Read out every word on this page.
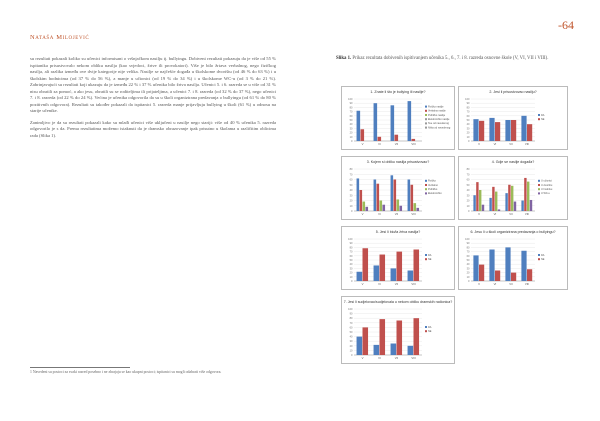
-64
Nataša Milojević

su rezultati pokazali koliko su učenici informisani o vršnjačkom nasilju tj. bullyingu. Dobiveni rezultati pokazuju da je više od 55 % ispitanika prisustvovalo nekom obliku nasilja (kao svjedoci, žrtve ili provokatori). Više je bilo žrtava verbalnog, nego fizičkog nasilja, ali razlika između ove dvije kategorije nije velika. Nasilje se najčešće događa u školskome dvorištu (od 46 % do 63 %) i u školskim hodnicima (od 37 % do 56 %), a manje u učionici (od 19 % do 34 %) i u školskome WC-u (od 3 % do 21 %). Zabrinjavajući su rezultati koji ukazuju da je između 22 % i 37 % učenika bilo žrtva nasilja. Učenici 5. i 6. razreda se u više od 31 % nisu obratili za pomoć, a ako jesu, obratili su se roditeljima ili prijateljima, a učenici 7. i 8. razreda (od 32 % do 37 %), nego učenici 7. i 8. razreda (od 22 % do 24 %). Većina je učenika odgovorila da su u školi organizirana predavanja o bullyingu (od 61 % do 80 % pozitivnih odgovora). Rezultati su također pokazali da ispitanici 5. razreda manje prijavljuju bullying u školi (61 %) u odnosu na starije učenike.

Zanimljivo je da su rezultati pokazali kako su mlađi učenici više uključeni u nasilje nego stariji: više od 40 % učenika 5. razreda odgovorilo je s da. Prema rezultatima možemo istaknuti da je dramsko obrazovanje ipak prisutno u školama u različitim oblicima rada (Slika 1).

1 Navedeni su postoci za svaki razred posebno i ne zbrajaju se kao ukupni postoci; ispitanici su mogli odabrati više odgovora.
Slika 1. Prikaz rezultata dobivenih ispitivanjem učenika 5., 6., 7. i 8. razreda osnovne škole (V, VI, VII i VIII).
1. Znate li što je bullying ili nasilje?
0
10
20
30
40
50
60
70
80
90
100
V	VI	VII	VIII
Fizičko nasilje
Verbalno nasilje
Psihičko nasilje
Elektroničko nasilje
Sve od navedenog
Ništa od navedenog
2. Jesi li prisustvovao nasilju?
0
10
20
30
40
50
60
70
80
90
100
V	VI	VII	VIII
DA
NE
3. Kojem si obliku nasilja prisustvovao?
0
10
20
30
40
50
60
70
80
V	VI	VII	VIII
Fizičko
Verbalno
Psihičko
Elektroničko
4. Gdje se nasilje događa?
0
10
20
30
40
50
60
70
80
V	VI	VII	VIII
U učionici
U dvorištu
U hodniku
U WC-u
5. Jesi li bio/la žrtva nasilja?
0
10
20
30
40
50
60
70
80
90
100
V	VI	VII	VIII
DA
NE
6. Jesu li u školi organizirana predavanja o bullyingu?
0
10
20
30
40
50
60
70
80
90
100
V	VI	VII	VIII
DA
NE
7. Jesi li sudjelovao/sudjelovala u nekom obliku dramskih radionica?
0
10
20
30
40
50
60
70
80
90
100
V	VI	VII	VIII
DA
NE
